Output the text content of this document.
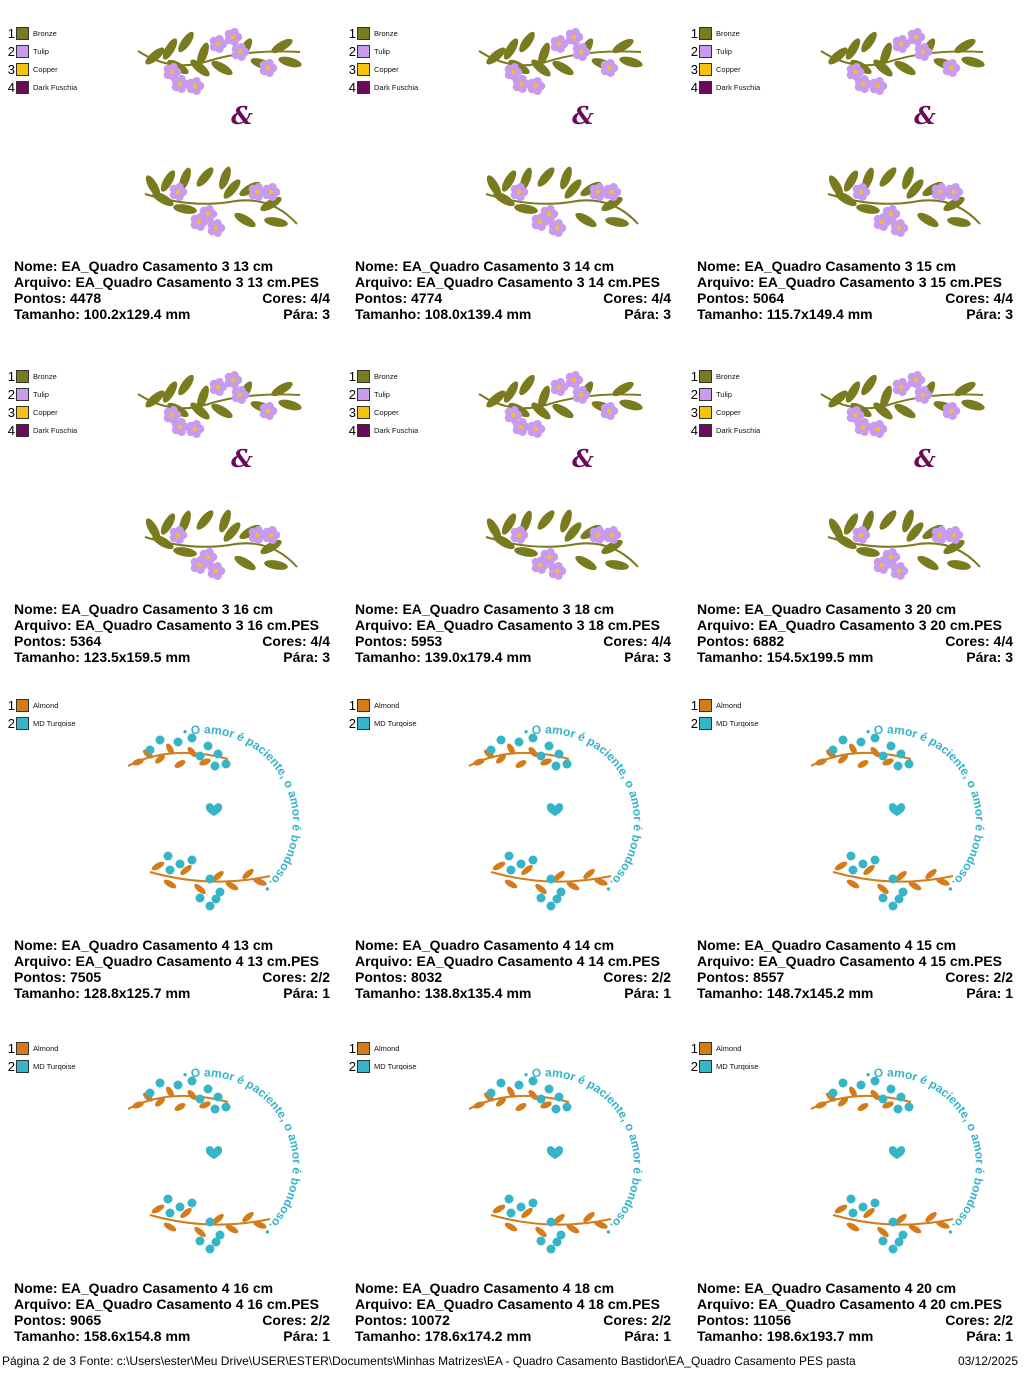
1 Bronze
2 Tulip
3 Copper
4 Dark Fuschia
&
Nome: EA_Quadro Casamento 3 13 cm
Arquivo: EA_Quadro Casamento 3 13 cm.PES
Pontos: 4478	Cores: 4/4
Tamanho: 100.2x129.4 mm	Pára: 3
1 Bronze
2 Tulip
3 Copper
4 Dark Fuschia
&
Nome: EA_Quadro Casamento 3 14 cm
Arquivo: EA_Quadro Casamento 3 14 cm.PES
Pontos: 4774	Cores: 4/4
Tamanho: 108.0x139.4 mm	Pára: 3
1 Bronze
2 Tulip
3 Copper
4 Dark Fuschia
&
Nome: EA_Quadro Casamento 3 15 cm
Arquivo: EA_Quadro Casamento 3 15 cm.PES
Pontos: 5064	Cores: 4/4
Tamanho: 115.7x149.4 mm	Pára: 3
1 Bronze
2 Tulip
3 Copper
4 Dark Fuschia
&
Nome: EA_Quadro Casamento 3 16 cm
Arquivo: EA_Quadro Casamento 3 16 cm.PES
Pontos: 5364	Cores: 4/4
Tamanho: 123.5x159.5 mm	Pára: 3
1 Bronze
2 Tulip
3 Copper
4 Dark Fuschia
&
Nome: EA_Quadro Casamento 3 18 cm
Arquivo: EA_Quadro Casamento 3 18 cm.PES
Pontos: 5953	Cores: 4/4
Tamanho: 139.0x179.4 mm	Pára: 3
1 Bronze
2 Tulip
3 Copper
4 Dark Fuschia
&
Nome: EA_Quadro Casamento 3 20 cm
Arquivo: EA_Quadro Casamento 3 20 cm.PES
Pontos: 6882	Cores: 4/4
Tamanho: 154.5x199.5 mm	Pára: 3
1 Almond
2 MD Turqoise
• O amor é paciente, o amor é bondoso. •
Nome: EA_Quadro Casamento 4 13 cm
Arquivo: EA_Quadro Casamento 4 13 cm.PES
Pontos: 7505	Cores: 2/2
Tamanho: 128.8x125.7 mm	Pára: 1
1 Almond
2 MD Turqoise
• O amor é paciente, o amor é bondoso. •
Nome: EA_Quadro Casamento 4 14 cm
Arquivo: EA_Quadro Casamento 4 14 cm.PES
Pontos: 8032	Cores: 2/2
Tamanho: 138.8x135.4 mm	Pára: 1
1 Almond
2 MD Turqoise
• O amor é paciente, o amor é bondoso. •
Nome: EA_Quadro Casamento 4 15 cm
Arquivo: EA_Quadro Casamento 4 15 cm.PES
Pontos: 8557	Cores: 2/2
Tamanho: 148.7x145.2 mm	Pára: 1
1 Almond
2 MD Turqoise
• O amor é paciente, o amor é bondoso. •
Nome: EA_Quadro Casamento 4 16 cm
Arquivo: EA_Quadro Casamento 4 16 cm.PES
Pontos: 9065	Cores: 2/2
Tamanho: 158.6x154.8 mm	Pára: 1
1 Almond
2 MD Turqoise
• O amor é paciente, o amor é bondoso. •
Nome: EA_Quadro Casamento 4 18 cm
Arquivo: EA_Quadro Casamento 4 18 cm.PES
Pontos: 10072	Cores: 2/2
Tamanho: 178.6x174.2 mm	Pára: 1
1 Almond
2 MD Turqoise
• O amor é paciente, o amor é bondoso. •
Nome: EA_Quadro Casamento 4 20 cm
Arquivo: EA_Quadro Casamento 4 20 cm.PES
Pontos: 11056	Cores: 2/2
Tamanho: 198.6x193.7 mm	Pára: 1
Página 2 de 3 Fonte: c:\Users\ester\Meu Drive\USER\ESTER\Documents\Minhas Matrizes\EA - Quadro Casamento Bastidor\EA_Quadro Casamento PES pasta	03/12/2025
